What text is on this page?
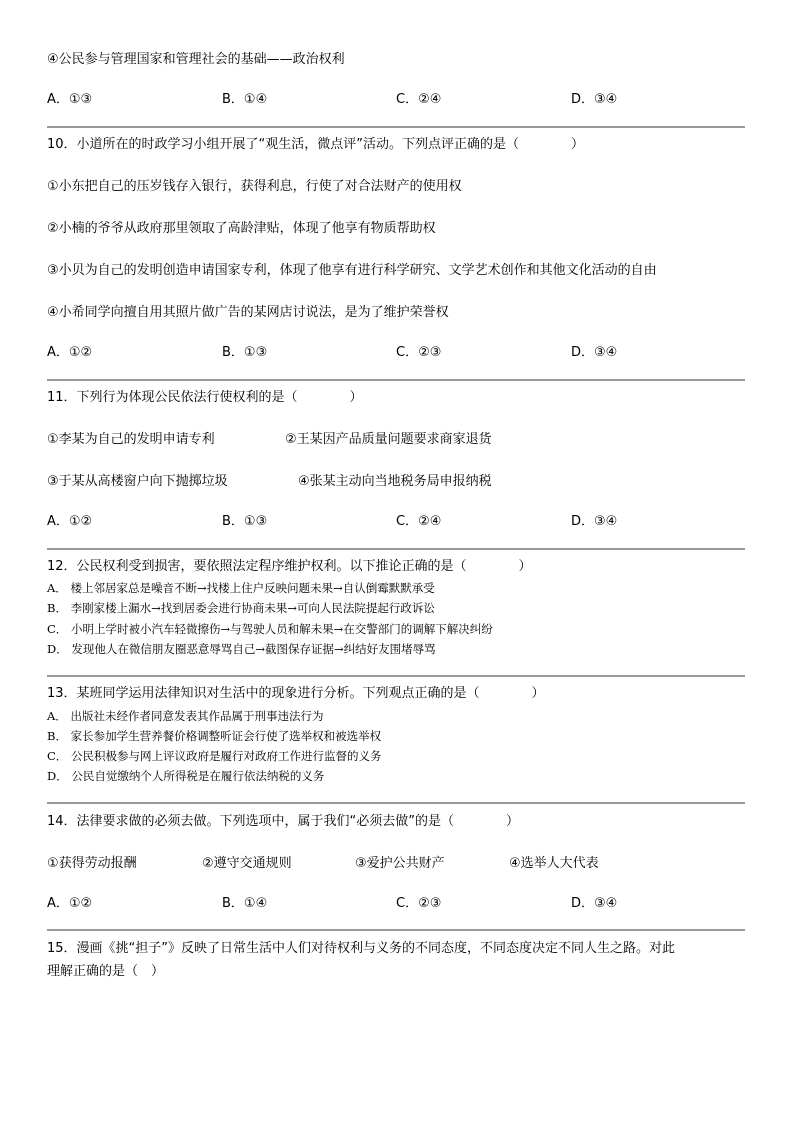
④公民参与管理国家和管理社会的基础——政治权利
A．①③	B．①④	C．②④	D．③④
10．小道所在的时政学习小组开展了“观生活，微点评”活动。下列点评正确的是（　　　　）
①小东把自己的压岁钱存入银行，获得利息，行使了对合法财产的使用权
②小楠的爷爷从政府那里领取了高龄津贴，体现了他享有物质帮助权
③小贝为自己的发明创造申请国家专利，体现了他享有进行科学研究、文学艺术创作和其他文化活动的自由
④小希同学向擅自用其照片做广告的某网店讨说法，是为了维护荣誉权
A．①②	B．①③	C．②③	D．③④
11．下列行为体现公民依法行使权利的是（　　　　）
①李某为自己的发明申请专利	②王某因产品质量问题要求商家退货
③于某从高楼窗户向下抛掷垃圾	④张某主动向当地税务局申报纳税
A．①②	B．①③	C．②④	D．③④
12．公民权利受到损害，要依照法定程序维护权利。以下推论正确的是（　　　　）
A． 楼上邻居家总是噪音不断→找楼上住户反映问题未果→自认倒霉默默承受
B． 李刚家楼上漏水→找到居委会进行协商未果→可向人民法院提起行政诉讼
C． 小明上学时被小汽车轻微擦伤→与驾驶人员和解未果→在交警部门的调解下解决纠纷
D． 发现他人在微信朋友圈恶意辱骂自己→截图保存证据→纠结好友围堵辱骂
13．某班同学运用法律知识对生活中的现象进行分析。下列观点正确的是（　　　　）
A． 出版社未经作者同意发表其作品属于刑事违法行为
B． 家长参加学生营养餐价格调整听证会行使了选举权和被选举权
C． 公民积极参与网上评议政府是履行对政府工作进行监督的义务
D． 公民自觉缴纳个人所得税是在履行依法纳税的义务
14．法律要求做的必须去做。下列选项中，属于我们“必须去做”的是（　　　　）
①获得劳动报酬	②遵守交通规则	③爱护公共财产	④选举人大代表
A．①②	B．①④	C．②③	D．③④
15．漫画《挑“担子”》反映了日常生活中人们对待权利与义务的不同态度，不同态度决定不同人生之路。对此
理解正确的是（　）
